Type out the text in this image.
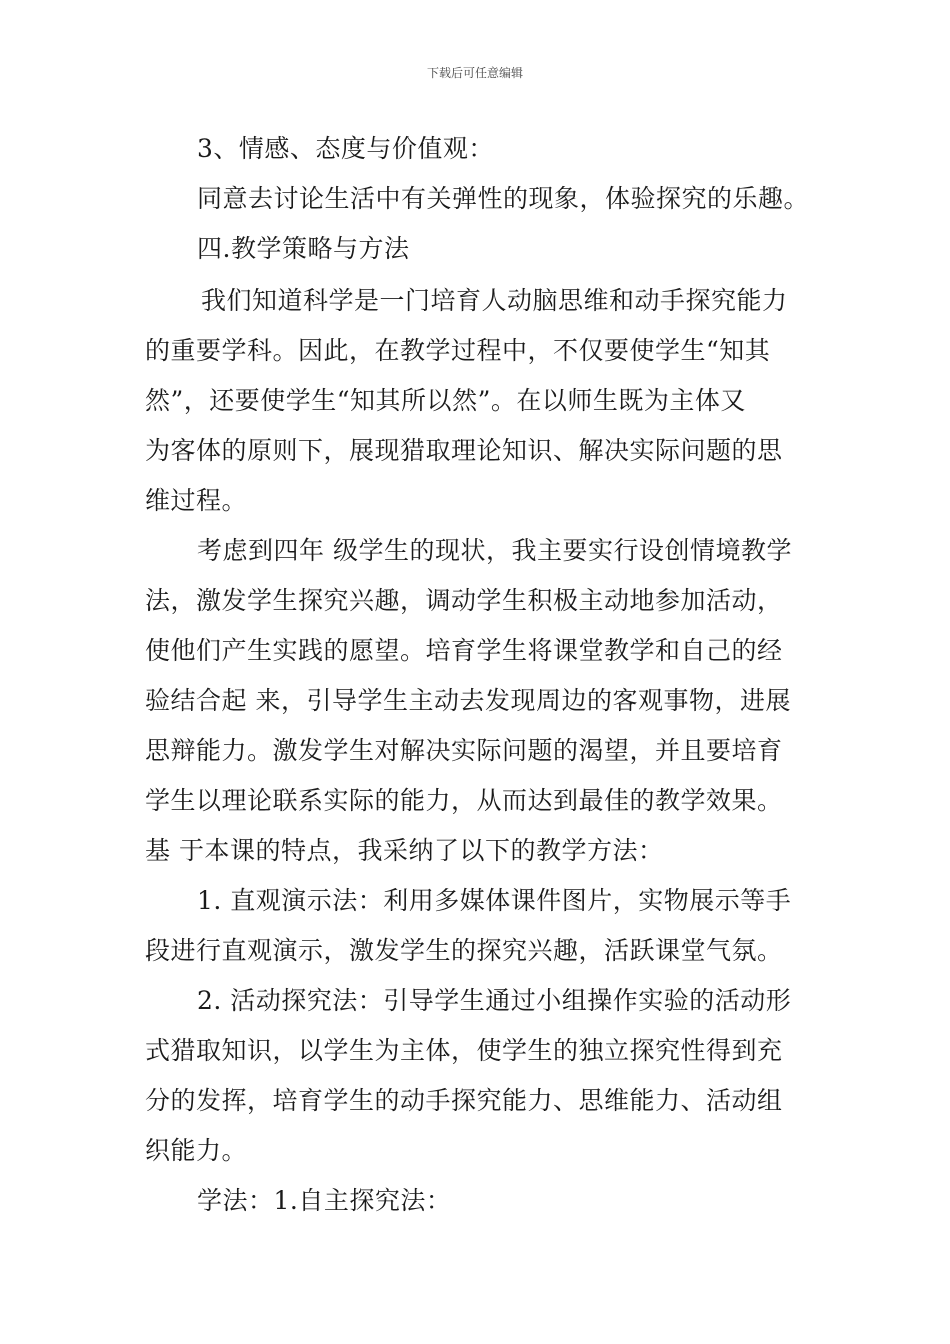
下载后可任意编辑
3、情感、态度与价值观：
同意去讨论生活中有关弹性的现象，体验探究的乐趣。
四.教学策略与方法
我们知道科学是一门培育人动脑思维和动手探究能力
的重要学科。因此，在教学过程中，不仅要使学生“知其
然”，还要使学生“知其所以然”。在以师生既为主体又
为客体的原则下，展现猎取理论知识、解决实际问题的思
维过程。
考虑到四年 级学生的现状，我主要实行设创情境教学
法，激发学生探究兴趣，调动学生积极主动地参加活动，
使他们产生实践的愿望。培育学生将课堂教学和自己的经
验结合起 来，引导学生主动去发现周边的客观事物，进展
思辩能力。激发学生对解决实际问题的渴望，并且要培育
学生以理论联系实际的能力，从而达到最佳的教学效果。
基 于本课的特点，我采纳了以下的教学方法：
1. 直观演示法：利用多媒体课件图片，实物展示等手
段进行直观演示，激发学生的探究兴趣，活跃课堂气氛。
2. 活动探究法：引导学生通过小组操作实验的活动形
式猎取知识，以学生为主体，使学生的独立探究性得到充
分的发挥，培育学生的动手探究能力、思维能力、活动组
织能力。
学法：1.自主探究法：
